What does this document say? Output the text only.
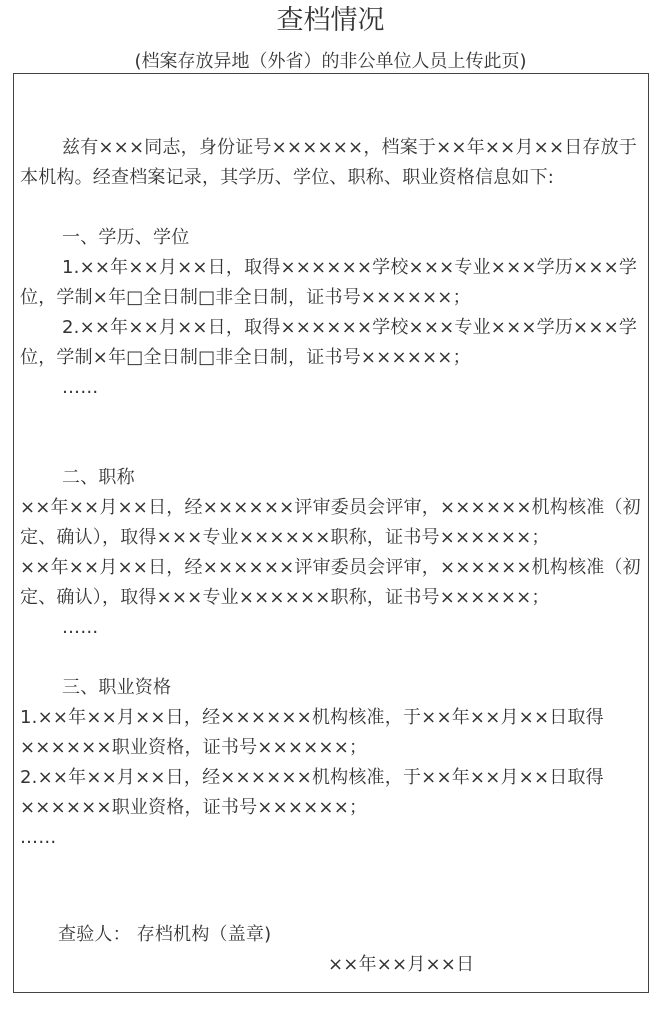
查档情况
(档案存放异地（外省）的非公单位人员上传此页)

兹有×××同志，身份证号××××××，档案于××年××月××日存放于本机构。经查档案记录，其学历、学位、职称、职业资格信息如下:

一、学历、学位

1.××年××月××日，取得××××××学校×××专业×××学历×××学位，学制×年□全日制□非全日制，证书号××××××；

2.××年××月××日，取得××××××学校×××专业×××学历×××学位，学制×年□全日制□非全日制，证书号××××××；

……

二、职称

××年××月××日，经××××××评审委员会评审，××××××机构核准（初定、确认），取得×××专业××××××职称，证书号××××××；

××年××月××日，经××××××评审委员会评审，××××××机构核准（初定、确认），取得×××专业××××××职称，证书号××××××；

……

三、职业资格

1.××年××月××日，经××××××机构核准，于××年××月××日取得××××××职业资格，证书号××××××；

2.××年××月××日，经××××××机构核准，于××年××月××日取得××××××职业资格，证书号××××××；

……

查验人： 存档机构（盖章)

××年××月××日
